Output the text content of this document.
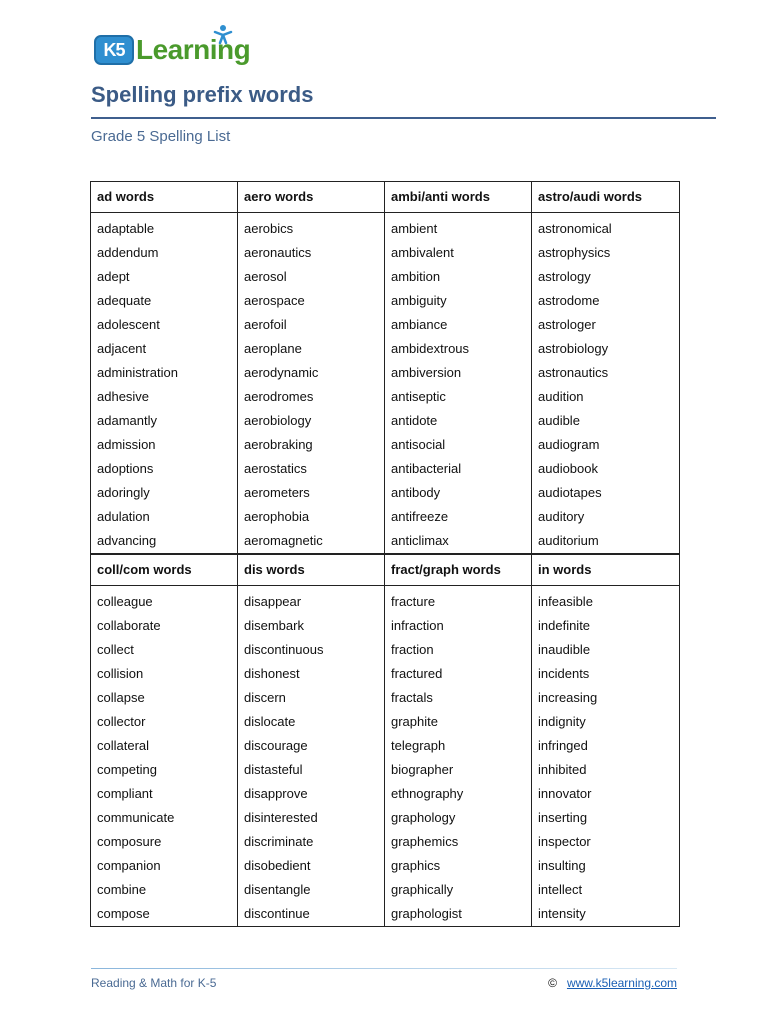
K 5 Learning
Spelling prefix words
Grade 5 Spelling List
ad words	aero words	ambi/anti words	astro/audi words

adaptable	aerobics	ambient	astronomical
addendum	aeronautics	ambivalent	astrophysics
adept	aerosol	ambition	astrology
adequate	aerospace	ambiguity	astrodome
adolescent	aerofoil	ambiance	astrologer
adjacent	aeroplane	ambidextrous	astrobiology
administration	aerodynamic	ambiversion	astronautics
adhesive	aerodromes	antiseptic	audition
adamantly	aerobiology	antidote	audible
admission	aerobraking	antisocial	audiogram
adoptions	aerostatics	antibacterial	audiobook
adoringly	aerometers	antibody	audiotapes
adulation	aerophobia	antifreeze	auditory
advancing	aeromagnetic	anticlimax	auditorium
coll/com words	dis words	fract/graph words	in words

colleague	disappear	fracture	infeasible
collaborate	disembark	infraction	indefinite
collect	discontinuous	fraction	inaudible
collision	dishonest	fractured	incidents
collapse	discern	fractals	increasing
collector	dislocate	graphite	indignity
collateral	discourage	telegraph	infringed
competing	distasteful	biographer	inhibited
compliant	disapprove	ethnography	innovator
communicate	disinterested	graphology	inserting
composure	discriminate	graphemics	inspector
companion	disobedient	graphics	insulting
combine	disentangle	graphically	intellect
compose	discontinue	graphologist	intensity
Reading & Math for K-5	© www.k5learning.com
